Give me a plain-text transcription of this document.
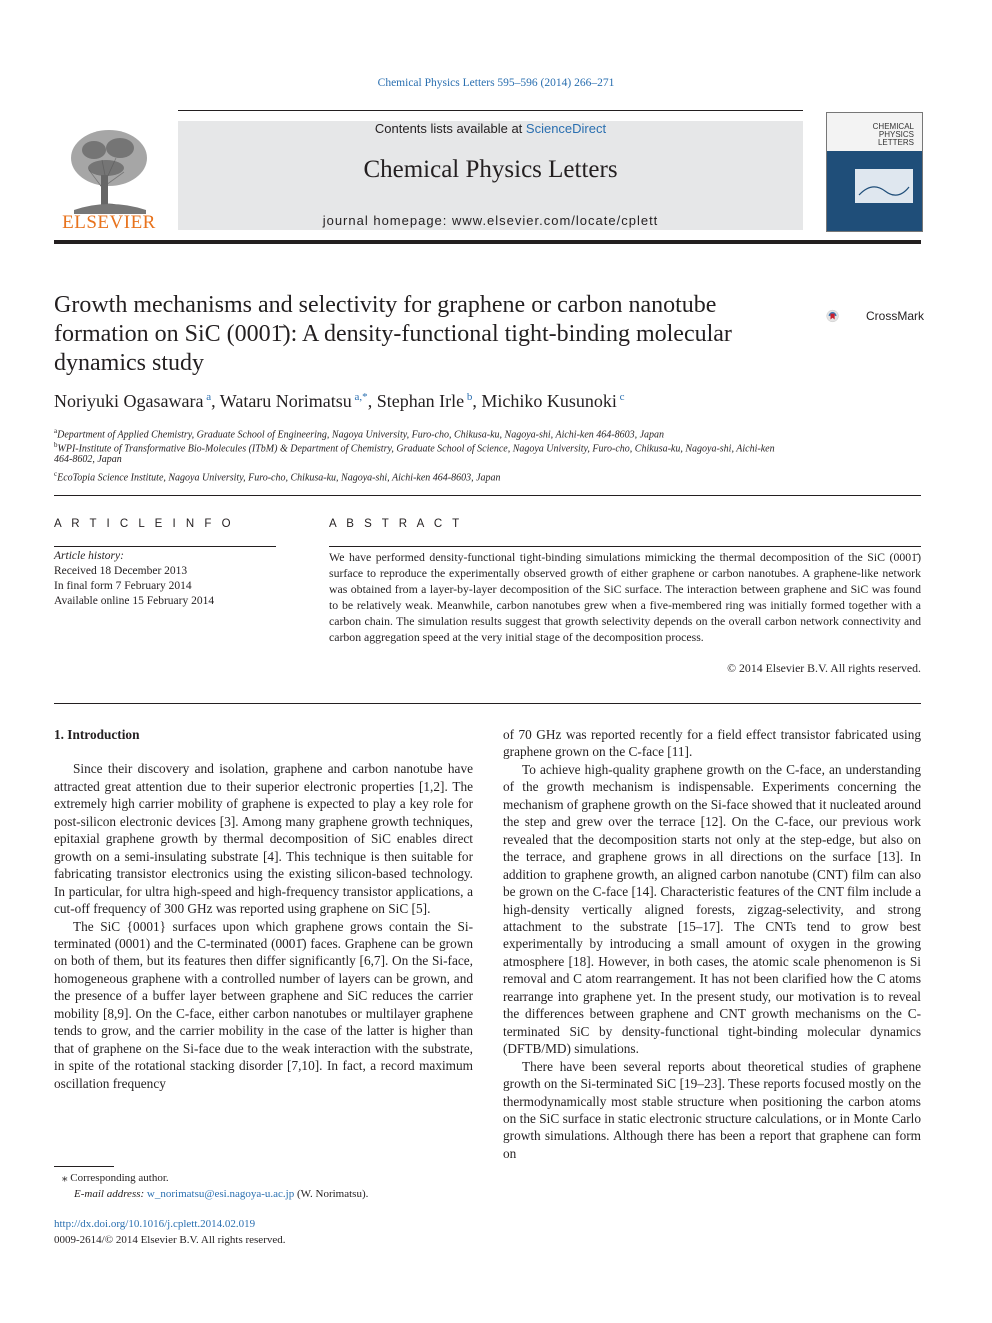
Chemical Physics Letters 595–596 (2014) 266–271
ELSEVIER
Contents lists available at ScienceDirect
Chemical Physics Letters
journal homepage: www.elsevier.com/locate/cplett
CHEMICAL
PHYSICS
LETTERS
Growth mechanisms and selectivity for graphene or carbon nanotube
formation on SiC (0001̄): A density-functional tight-binding molecular
dynamics study
CrossMark
Noriyuki Ogasawara $^a$, Wataru Norimatsu $^{a,*}$, Stephan Irle $^b$, Michiko Kusunoki $^c$
$^a$Department of Applied Chemistry, Graduate School of Engineering, Nagoya University, Furo-cho, Chikusa-ku, Nagoya-shi, Aichi-ken 464-8603, Japan
$^b$WPI-Institute of Transformative Bio-Molecules (ITbM) & Department of Chemistry, Graduate School of Science, Nagoya University, Furo-cho, Chikusa-ku, Nagoya-shi, Aichi-ken
464-8602, Japan
$^c$EcoTopia Science Institute, Nagoya University, Furo-cho, Chikusa-ku, Nagoya-shi, Aichi-ken 464-8603, Japan
A R T I C L E I N F O
Article history:
Received 18 December 2013
In final form 7 February 2014
Available online 15 February 2014
A B S T R A C T
We have performed density-functional tight-binding simulations mimicking the thermal decomposition of the SiC (0001̄) surface to reproduce the experimentally observed growth of either graphene or carbon nanotubes. A graphene-like network was obtained from a layer-by-layer decomposition of the SiC surface. The interaction between graphene and SiC was found to be relatively weak. Meanwhile, carbon nanotubes grew when a five-membered ring was initially formed together with a carbon chain. The simulation results suggest that growth selectivity depends on the overall carbon network connectivity and carbon aggregation speed at the very initial stage of the decomposition process.
© 2014 Elsevier B.V. All rights reserved.

1. Introduction

Since their discovery and isolation, graphene and carbon nanotube have attracted great attention due to their superior electronic properties [1,2]. The extremely high carrier mobility of graphene is expected to play a key role for post-silicon electronic devices [3]. Among many graphene growth techniques, epitaxial graphene growth by thermal decomposition of SiC enables direct growth on a semi-insulating substrate [4]. This technique is then suitable for fabricating transistor electronics using the existing silicon-based technology. In particular, for ultra high-speed and high-frequency transistor applications, a cut-off frequency of 300 GHz was reported using graphene on SiC [5].

The SiC {0001} surfaces upon which graphene grows contain the Si-terminated (0001) and the C-terminated (0001̄) faces. Graphene can be grown on both of them, but its features then differ significantly [6,7]. On the Si-face, homogeneous graphene with a controlled number of layers can be grown, and the presence of a buffer layer between graphene and SiC reduces the carrier mobility [8,9]. On the C-face, either carbon nanotubes or multilayer graphene tends to grow, and the carrier mobility in the case of the latter is higher than that of graphene on the Si-face due to the weak interaction with the substrate, in spite of the rotational stacking disorder [7,10]. In fact, a record maximum oscillation frequency

of 70 GHz was reported recently for a field effect transistor fabricated using graphene grown on the C-face [11].

To achieve high-quality graphene growth on the C-face, an understanding of the growth mechanism is indispensable. Experiments concerning the mechanism of graphene growth on the Si-face showed that it nucleated around the step and grew over the terrace [12]. On the C-face, our previous work revealed that the decomposition starts not only at the step-edge, but also on the terrace, and graphene grows in all directions on the surface [13]. In addition to graphene growth, an aligned carbon nanotube (CNT) film can also be grown on the C-face [14]. Characteristic features of the CNT film include a high-density vertically aligned forests, zigzag-selectivity, and strong attachment to the substrate [15–17]. The CNTs tend to grow best experimentally by introducing a small amount of oxygen in the growing atmosphere [18]. However, in both cases, the atomic scale phenomenon is Si removal and C atom rearrangement. It has not been clarified how the C atoms rearrange into graphene yet. In the present study, our motivation is to reveal the differences between graphene and CNT growth mechanisms on the C-terminated SiC by density-functional tight-binding molecular dynamics (DFTB/MD) simulations.

There have been several reports about theoretical studies of graphene growth on the Si-terminated SiC [19–23]. These reports focused mostly on the thermodynamically most stable structure when positioning the carbon atoms on the SiC surface in static electronic structure calculations, or in Monte Carlo growth simulations. Although there has been a report that graphene can form on

⁎ Corresponding author.
E-mail address: w_norimatsu@esi.nagoya-u.ac.jp (W. Norimatsu).
http://dx.doi.org/10.1016/j.cplett.2014.02.019
0009-2614/© 2014 Elsevier B.V. All rights reserved.
